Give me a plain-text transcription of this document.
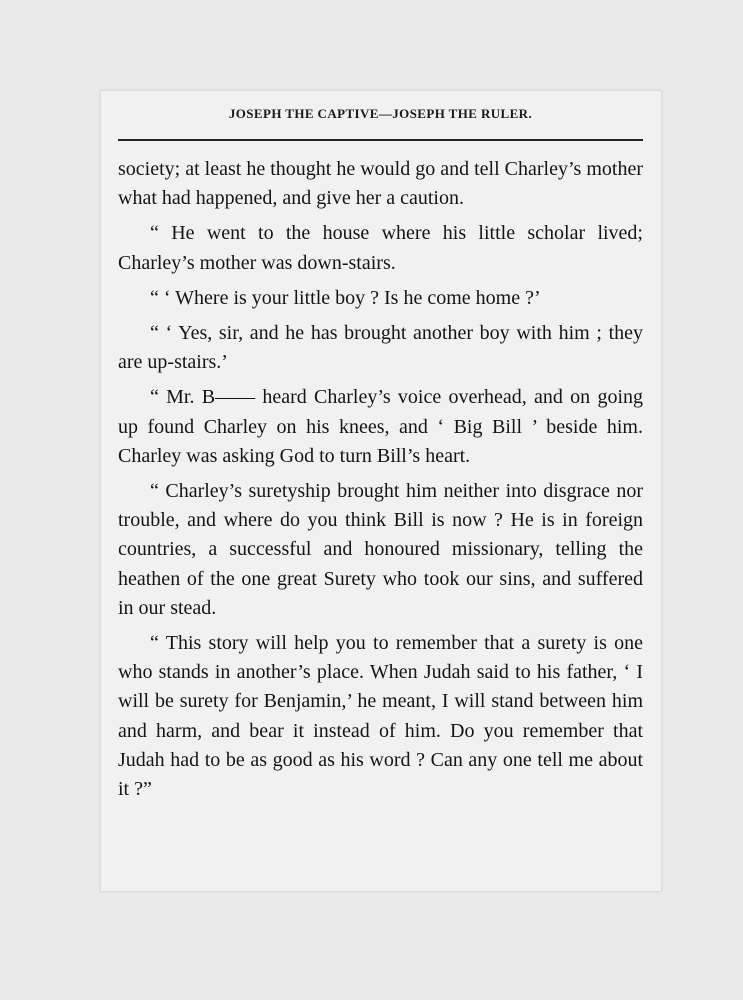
JOSEPH THE CAPTIVE—JOSEPH THE RULER.

society; at least he thought he would go and tell Charley’s mother what had happened, and give her a caution.

“ He went to the house where his little scholar lived; Charley’s mother was down-stairs.

“ ‘ Where is your little boy ? Is he come home ?’

“ ‘ Yes, sir, and he has brought another boy with him ; they are up-stairs.’

“ Mr. B—— heard Charley’s voice overhead, and on going up found Charley on his knees, and ‘ Big Bill ’ beside him. Charley was asking God to turn Bill’s heart.

“ Charley’s suretyship brought him neither into disgrace nor trouble, and where do you think Bill is now ? He is in foreign countries, a successful and honoured missionary, telling the heathen of the one great Surety who took our sins, and suffered in our stead.

“ This story will help you to remember that a surety is one who stands in another’s place. When Judah said to his father, ‘ I will be surety for Benjamin,’ he meant, I will stand between him and harm, and bear it instead of him. Do you remember that Judah had to be as good as his word ? Can any one tell me about it ?”
